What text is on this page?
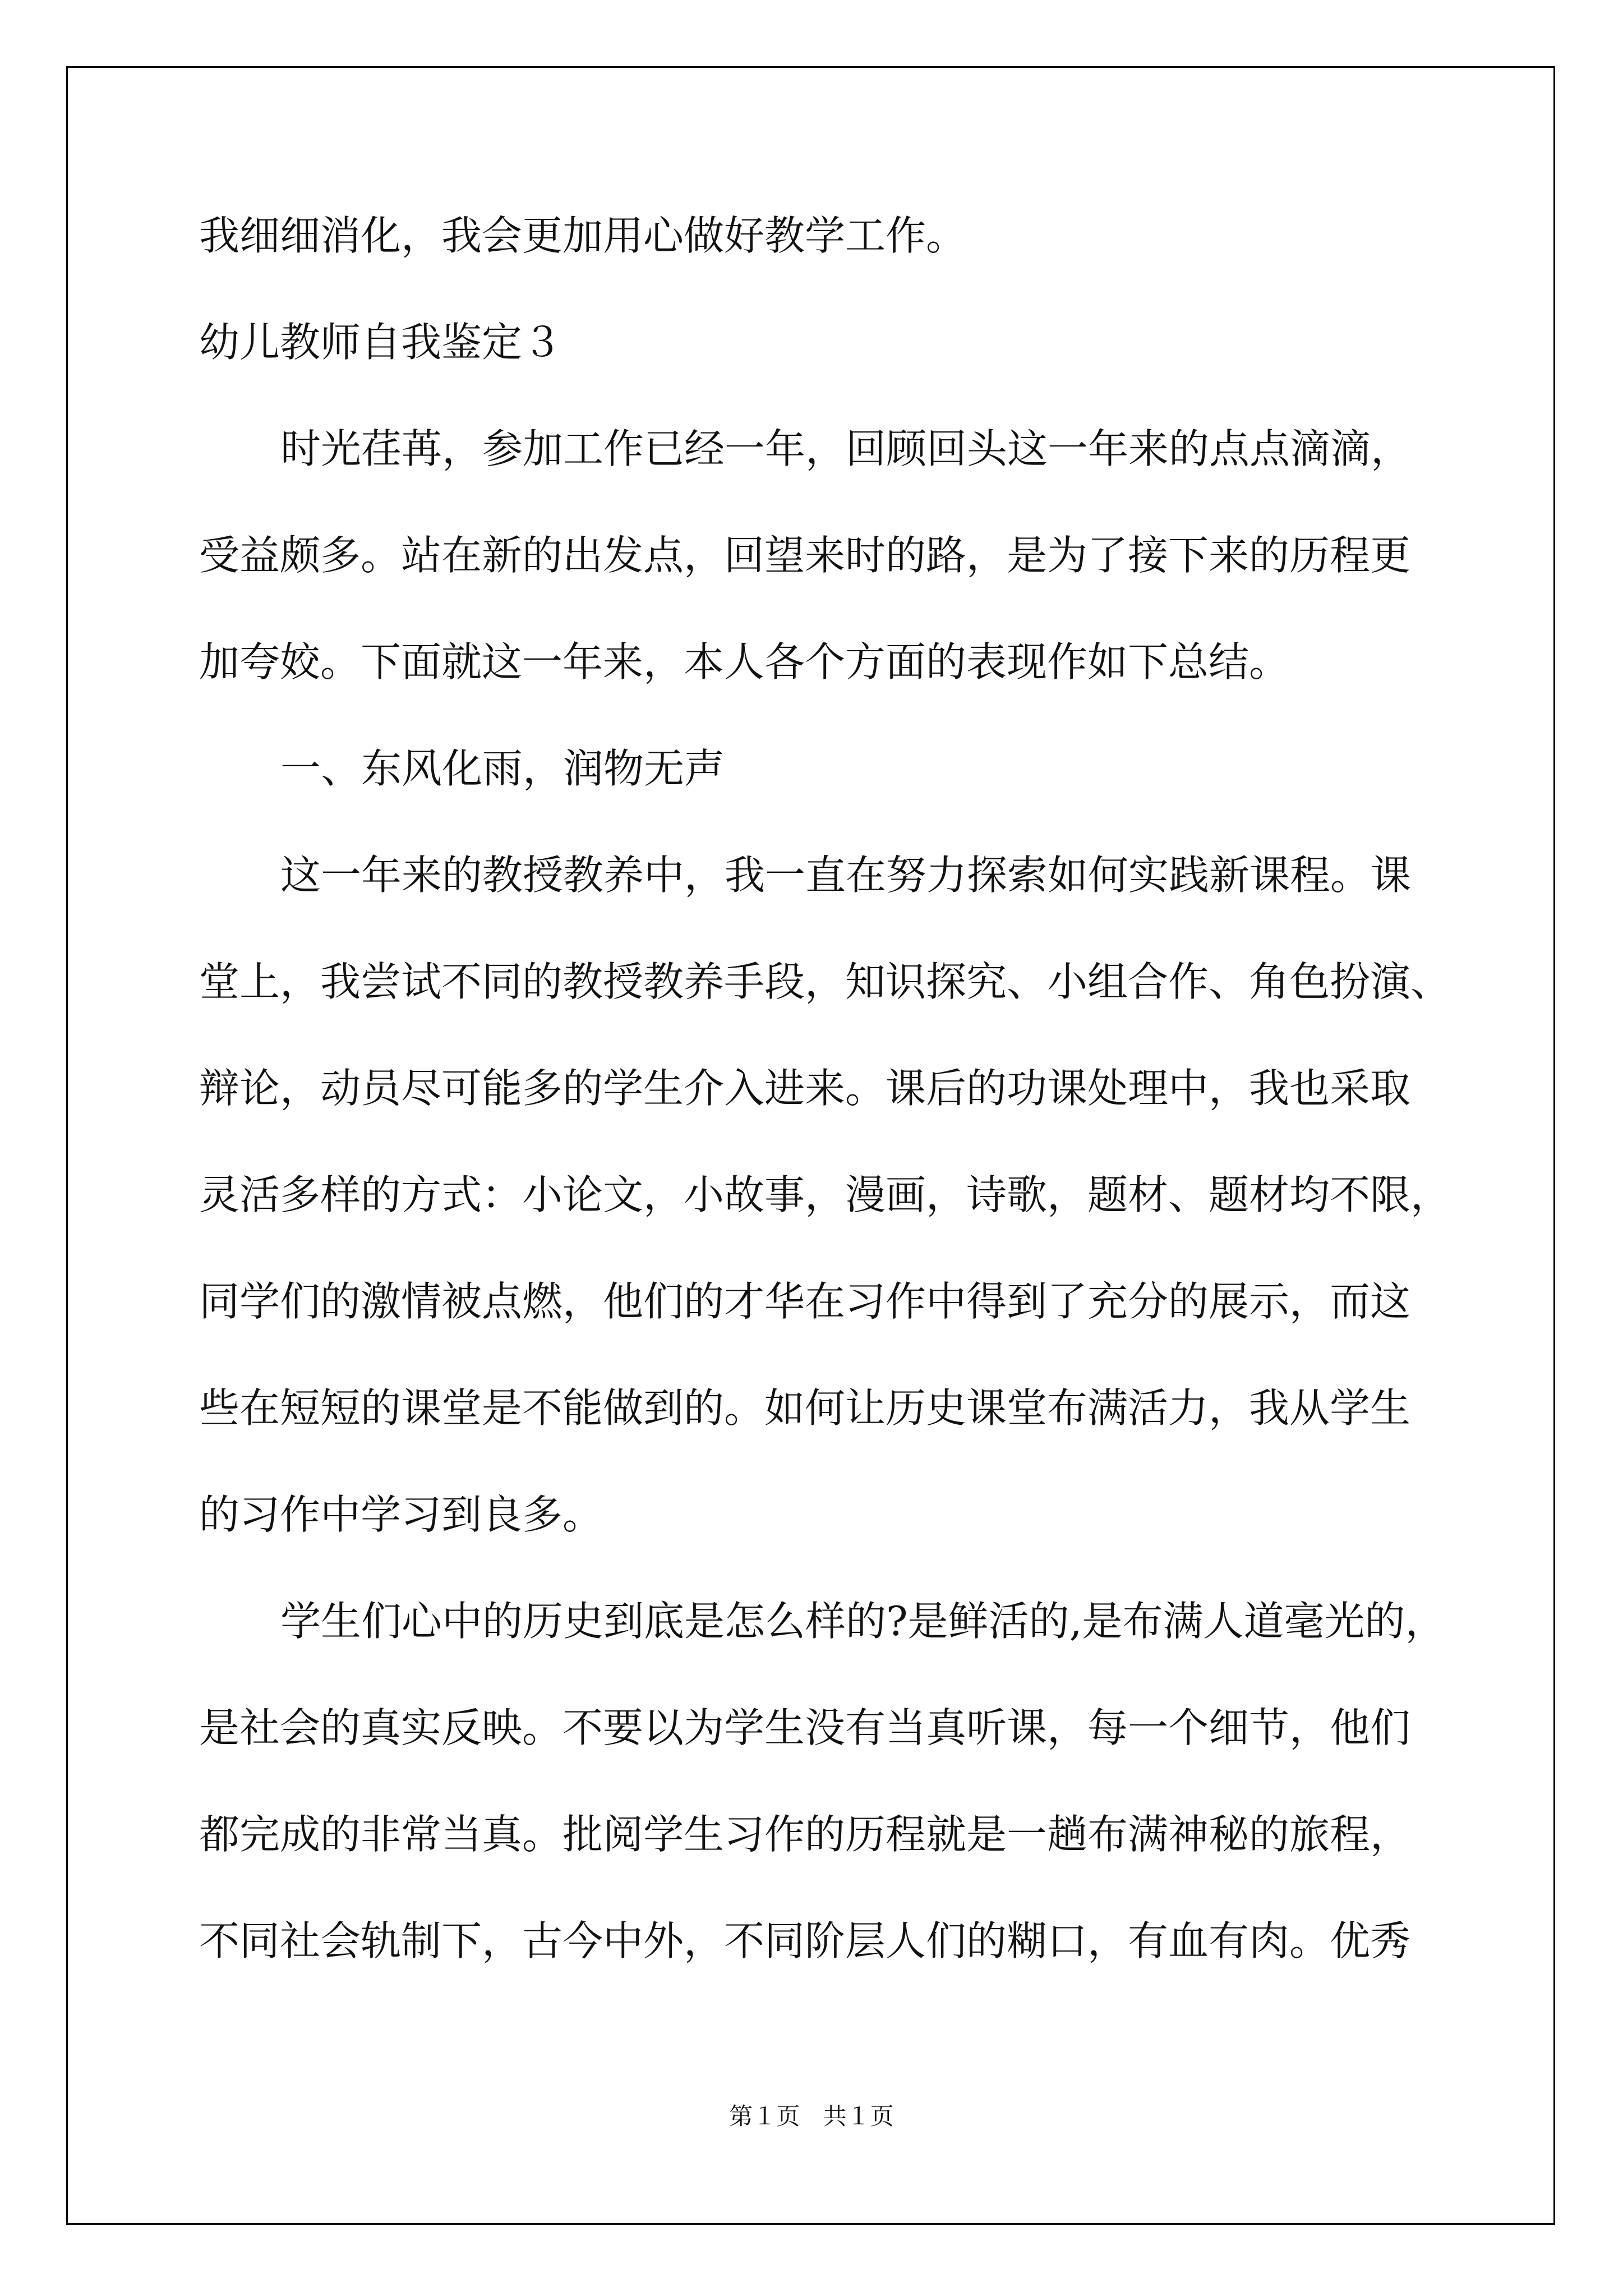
我细细消化，我会更加用心做好教学工作。
幼儿教师自我鉴定３
时光荏苒，参加工作已经一年，回顾回头这一年来的点点滴滴，
受益颇多。站在新的出发点，回望来时的路，是为了接下来的历程更
加夸姣。下面就这一年来，本人各个方面的表现作如下总结。
一、东风化雨，润物无声
这一年来的教授教养中，我一直在努力探索如何实践新课程。课
堂上，我尝试不同的教授教养手段，知识探究、小组合作、角色扮演、
辩论，动员尽可能多的学生介入进来。课后的功课处理中，我也采取
灵活多样的方式：小论文，小故事，漫画，诗歌，题材、题材均不限，
同学们的激情被点燃，他们的才华在习作中得到了充分的展示，而这
些在短短的课堂是不能做到的。如何让历史课堂布满活力，我从学生
的习作中学习到良多。
学生们心中的历史到底是怎么样的?是鲜活的,是布满人道毫光的，
是社会的真实反映。不要以为学生没有当真听课，每一个细节，他们
都完成的非常当真。批阅学生习作的历程就是一趟布满神秘的旅程，
不同社会轨制下，古今中外，不同阶层人们的糊口，有血有肉。优秀
第１页 共１页
